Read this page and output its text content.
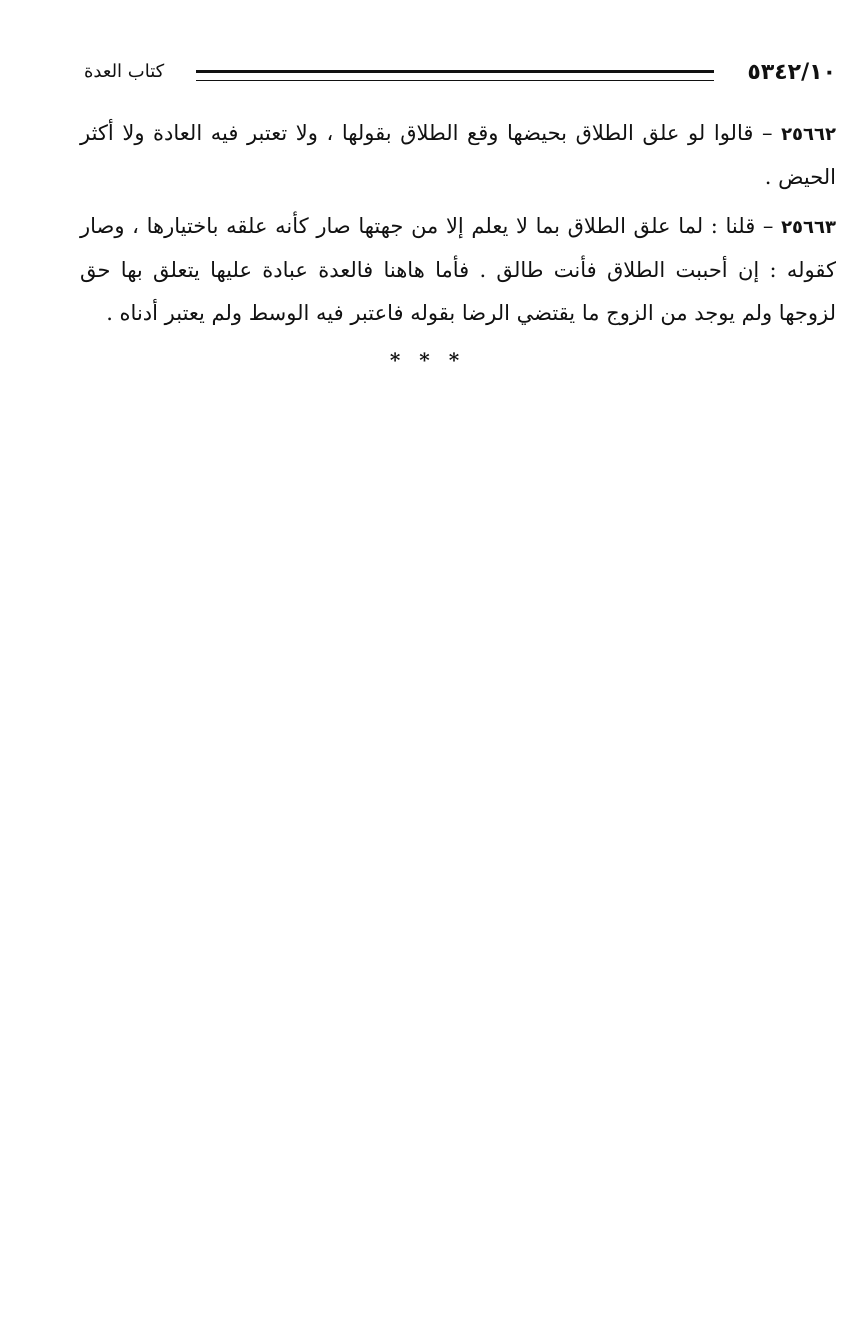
٥٣٤٢/١٠
كتاب العدة

٢٥٦٦٢ – قالوا لو علق الطلاق بحيضها وقع الطلاق بقولها ، ولا تعتبر فيه العادة ولا أكثر الحيض .

٢٥٦٦٣ – قلنا : لما علق الطلاق بما لا يعلم إلا من جهتها صار كأنه علقه باختيارها ، وصار كقوله : إن أحببت الطلاق فأنت طالق . فأما هاهنا فالعدة عبادة عليها يتعلق بها حق لزوجها ولم يوجد من الزوج ما يقتضي الرضا بقوله فاعتبر فيه الوسط ولم يعتبر أدناه .

* * *
